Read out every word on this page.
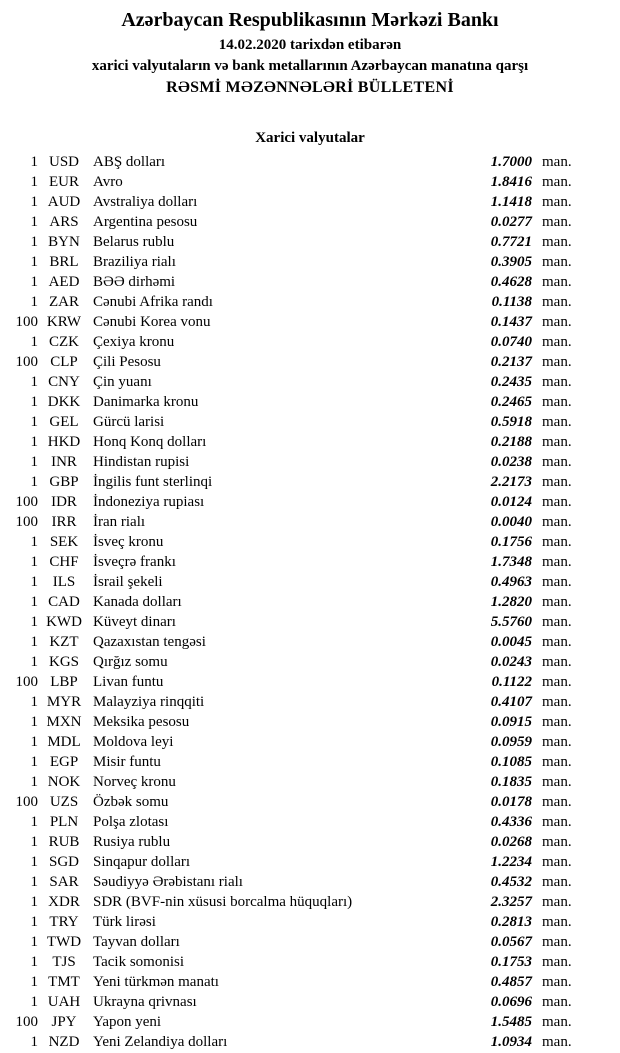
Azərbaycan Respublikasının Mərkəzi Bankı
14.02.2020 tarixdən etibarən
xarici valyutaların və bank metallarının Azərbaycan manatına qarşı
RƏSMİ MƏZƏNNƏLƏRİ BÜLLETENİ
Xarici valyutalar
1 USD ABŞ dolları	1.7000 man.
1 EUR Avro	1.8416 man.
1 AUD Avstraliya dolları	1.1418 man.
1 ARS Argentina pesosu	0.0277 man.
1 BYN Belarus rublu	0.7721 man.
1 BRL Braziliya rialı	0.3905 man.
1 AED BƏƏ dirhəmi	0.4628 man.
1 ZAR Cənubi Afrika randı	0.1138 man.
100 KRW Cənubi Korea vonu	0.1437 man.
1 CZK Çexiya kronu	0.0740 man.
100 CLP	Çili Pesosu	0.2137 man.
1 CNY Çin yuanı	0.2435 man.
1 DKK Danimarka kronu	0.2465 man.
1 GEL Gürcü larisi	0.5918 man.
1 HKD Honq Konq dolları	0.2188 man.
1 INR	Hindistan rupisi	0.0238 man.
1 GBP İngilis funt sterlinqi	2.2173 man.
100 IDR	İndoneziya rupiası	0.0124 man.
100 IRR	İran rialı	0.0040 man.
1 SEK İsveç kronu	0.1756 man.
1 CHF İsveçrə frankı	1.7348 man.
1 ILS	İsrail şekeli	0.4963 man.
1 CAD Kanada dolları	1.2820 man.
1 KWD Küveyt dinarı	5.5760 man.
1 KZT Qazaxıstan tengəsi	0.0045 man.
1 KGS Qırğız somu	0.0243 man.
100 LBP	Livan funtu	0.1122 man.
1 MYR Malayziya rinqqiti	0.4107 man.
1 MXN Meksika pesosu	0.0915 man.
1 MDL Moldova leyi	0.0959 man.
1 EGP Misir funtu	0.1085 man.
1 NOK Norveç kronu	0.1835 man.
100 UZS Özbək somu	0.0178 man.
1 PLN Polşa zlotası	0.4336 man.
1 RUB Rusiya rublu	0.0268 man.
1 SGD Sinqapur dolları	1.2234 man.
1 SAR Səudiyyə Ərəbistanı rialı	0.4532 man.
1 XDR SDR (BVF-nin xüsusi borcalma hüquqları)	2.3257 man.
1 TRY Türk lirəsi	0.2813 man.
1 TWD Tayvan dolları	0.0567 man.
1 TJS	Tacik somonisi	0.1753 man.
1 TMT Yeni türkmən manatı	0.4857 man.
1 UAH Ukrayna qrivnası	0.0696 man.
100 JPY	Yapon yeni	1.5485 man.
1 NZD Yeni Zelandiya dolları	1.0934 man.
